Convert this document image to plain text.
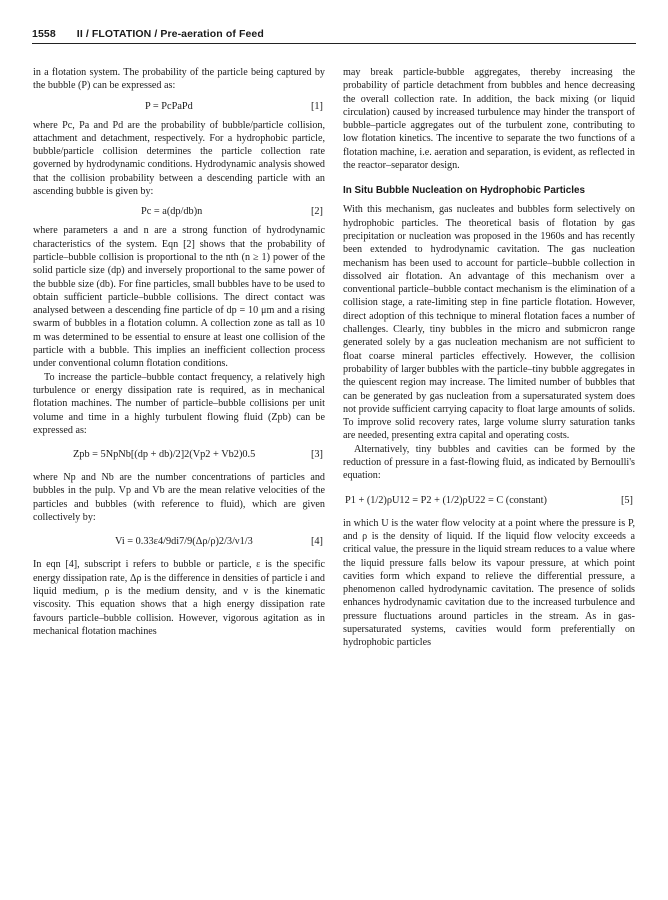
1558 II / FLOTATION / Pre-aeration of Feed

in a flotation system. The probability of the particle being captured by the bubble (P) can be expressed as:

P = PcPaPd	[1]

where Pc, Pa and Pd are the probability of bubble/particle collision, attachment and detachment, respectively. For a hydrophobic particle, bubble/particle collision determines the particle collection rate governed by hydrodynamic conditions. Hydrodynamic analysis showed that the collision probability between a descending particle with an ascending bubble is given by:

Pc = a(dp/db)n	[2]

where parameters a and n are a strong function of hydrodynamic characteristics of the system. Eqn [2] shows that the probability of particle–bubble collision is proportional to the nth (n ≥ 1) power of the solid particle size (dp) and inversely proportional to the same power of the bubble size (db). For fine particles, small bubbles have to be used to obtain sufficient particle–bubble collisions. The direct contact was analysed between a descending fine particle of dp = 10 μm and a rising swarm of bubbles in a flotation column. A collection zone as tall as 10 m was determined to be essential to ensure at least one collision of the particle with a bubble. This implies an inefficient collection process under conventional column flotation conditions.

To increase the particle–bubble contact frequency, a relatively high turbulence or energy dissipation rate is required, as in mechanical flotation machines. The number of particle–bubble collisions per unit volume and time in a highly turbulent flowing fluid (Zpb) can be expressed as:

Zpb = 5NpNb[(dp + db)/2]2(Vp2 + Vb2)0.5	[3]

where Np and Nb are the number concentrations of particles and bubbles in the pulp. Vp and Vb are the mean relative velocities of the particles and bubbles (with reference to fluid), which are given collectively by:

Vi = 0.33ε4/9di7/9(Δρ/ρ)2/3/ν1/3	[4]

In eqn [4], subscript i refers to bubble or particle, ε is the specific energy dissipation rate, Δρ is the difference in densities of particle i and liquid medium, ρ is the medium density, and ν is the kinematic viscosity. This equation shows that a high energy dissipation rate favours particle–bubble collision. However, vigorous agitation as in mechanical flotation machines

may break particle-bubble aggregates, thereby increasing the probability of particle detachment from bubbles and hence decreasing the overall collection rate. In addition, the back mixing (or liquid circulation) caused by increased turbulence may hinder the transport of bubble–particle aggregates out of the turbulent zone, contributing to low flotation kinetics. The incentive to separate the two functions of a flotation machine, i.e. aeration and separation, is evident, as reflected in the reactor–separator design.

In Situ Bubble Nucleation on Hydrophobic Particles

With this mechanism, gas nucleates and bubbles form selectively on hydrophobic particles. The theoretical basis of flotation by gas precipitation or nucleation was proposed in the 1960s and has recently been extended to hydrodynamic cavitation. The gas nucleation mechanism has been used to account for particle–bubble collection in dissolved air flotation. An advantage of this mechanism over a conventional particle–bubble contact mechanism is the elimination of a collision stage, a rate-limiting step in fine particle flotation. However, direct adoption of this technique to mineral flotation faces a number of challenges. Clearly, tiny bubbles in the micro and submicron range generated solely by a gas nucleation mechanism are not sufficient to float coarse mineral particles effectively. However, the collision probability of larger bubbles with the particle–tiny bubble aggregates in the quiescent region may increase. The limited number of bubbles that can be generated by gas nucleation from a supersaturated system does not provide sufficient carrying capacity to float large amounts of solids. To improve solid recovery rates, large volume slurry saturation tanks are needed, presenting extra capital and operating costs.

Alternatively, tiny bubbles and cavities can be formed by the reduction of pressure in a fast-flowing fluid, as indicated by Bernoulli's equation:

P1 + (1/2)ρU12 = P2 + (1/2)ρU22 = C (constant)	[5]

in which U is the water flow velocity at a point where the pressure is P, and ρ is the density of liquid. If the liquid flow velocity exceeds a critical value, the pressure in the liquid stream reduces to a value where the liquid pressure falls below its vapour pressure, at which point cavities form which expand to relieve the differential pressure, a phenomenon called hydrodynamic cavitation. The presence of solids enhances hydrodynamic cavitation due to the increased turbulence and pressure fluctuations around particles in the stream. As in gas-supersaturated systems, cavities would form preferentially on hydrophobic particles
